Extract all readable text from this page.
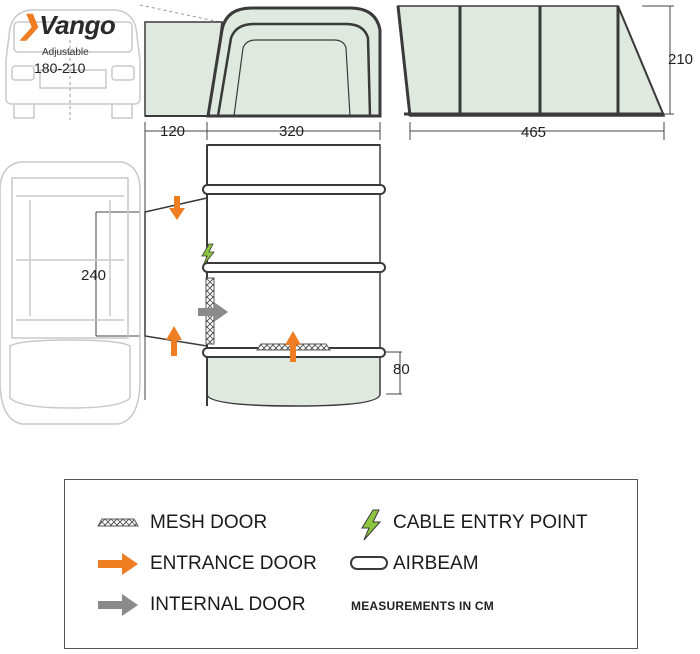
❯Vango
Adjustable
180-210
120	320	465
210
240
80
MESH DOOR
ENTRANCE DOOR
INTERNAL DOOR
CABLE ENTRY POINT
AIRBEAM
MEASUREMENTS IN CM
